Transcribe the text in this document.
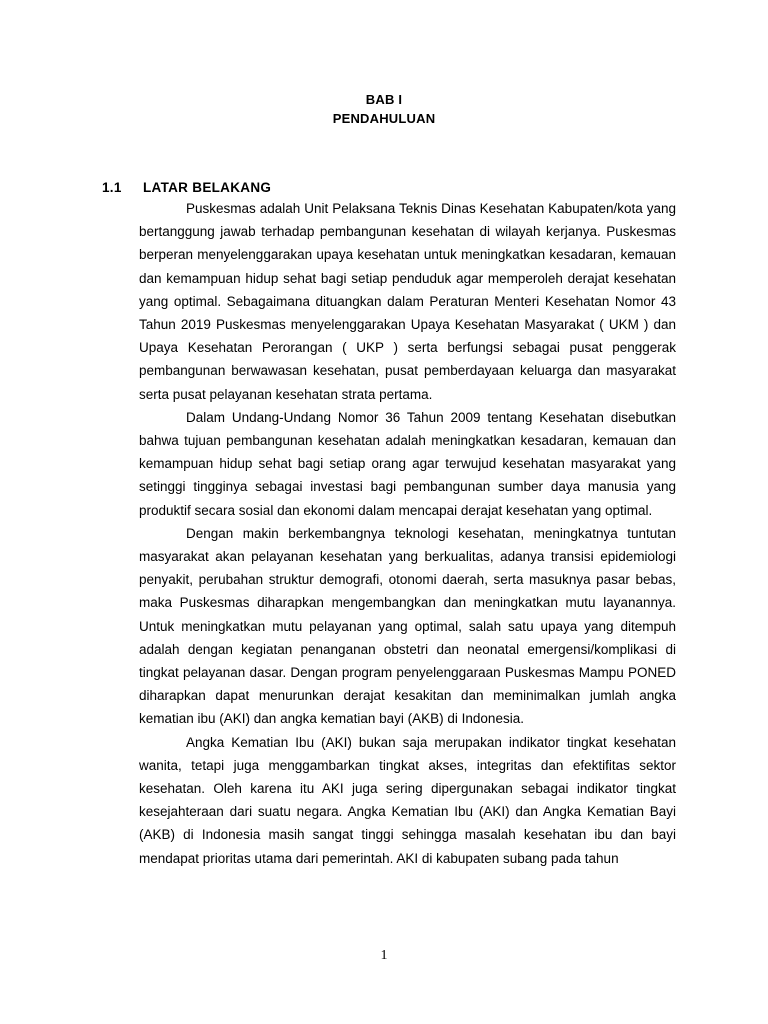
BAB I
PENDAHULUAN
1.1 LATAR BELAKANG

Puskesmas adalah Unit Pelaksana Teknis Dinas Kesehatan Kabupaten/kota yang bertanggung jawab terhadap pembangunan kesehatan di wilayah kerjanya. Puskesmas berperan menyelenggarakan upaya kesehatan untuk meningkatkan kesadaran, kemauan dan kemampuan hidup sehat bagi setiap penduduk agar memperoleh derajat kesehatan yang optimal. Sebagaimana dituangkan dalam Peraturan Menteri Kesehatan Nomor 43 Tahun 2019 Puskesmas menyelenggarakan Upaya Kesehatan Masyarakat ( UKM ) dan Upaya Kesehatan Perorangan ( UKP ) serta berfungsi sebagai pusat penggerak pembangunan berwawasan kesehatan, pusat pemberdayaan keluarga dan masyarakat serta pusat pelayanan kesehatan strata pertama.

Dalam Undang-Undang Nomor 36 Tahun 2009 tentang Kesehatan disebutkan bahwa tujuan pembangunan kesehatan adalah meningkatkan kesadaran, kemauan dan kemampuan hidup sehat bagi setiap orang agar terwujud kesehatan masyarakat yang setinggi tingginya sebagai investasi bagi pembangunan sumber daya manusia yang produktif secara sosial dan ekonomi dalam mencapai derajat kesehatan yang optimal.

Dengan makin berkembangnya teknologi kesehatan, meningkatnya tuntutan masyarakat akan pelayanan kesehatan yang berkualitas, adanya transisi epidemiologi penyakit, perubahan struktur demografi, otonomi daerah, serta masuknya pasar bebas, maka Puskesmas diharapkan mengembangkan dan meningkatkan mutu layanannya. Untuk meningkatkan mutu pelayanan yang optimal, salah satu upaya yang ditempuh adalah dengan kegiatan penanganan obstetri dan neonatal emergensi/komplikasi di tingkat pelayanan dasar. Dengan program penyelenggaraan Puskesmas Mampu PONED diharapkan dapat menurunkan derajat kesakitan dan meminimalkan jumlah angka kematian ibu (AKI) dan angka kematian bayi (AKB) di Indonesia.

Angka Kematian Ibu (AKI) bukan saja merupakan indikator tingkat kesehatan wanita, tetapi juga menggambarkan tingkat akses, integritas dan efektifitas sektor kesehatan. Oleh karena itu AKI juga sering dipergunakan sebagai indikator tingkat kesejahteraan dari suatu negara. Angka Kematian Ibu (AKI) dan Angka Kematian Bayi (AKB) di Indonesia masih sangat tinggi sehingga masalah kesehatan ibu dan bayi mendapat prioritas utama dari pemerintah. AKI di kabupaten subang pada tahun

1
